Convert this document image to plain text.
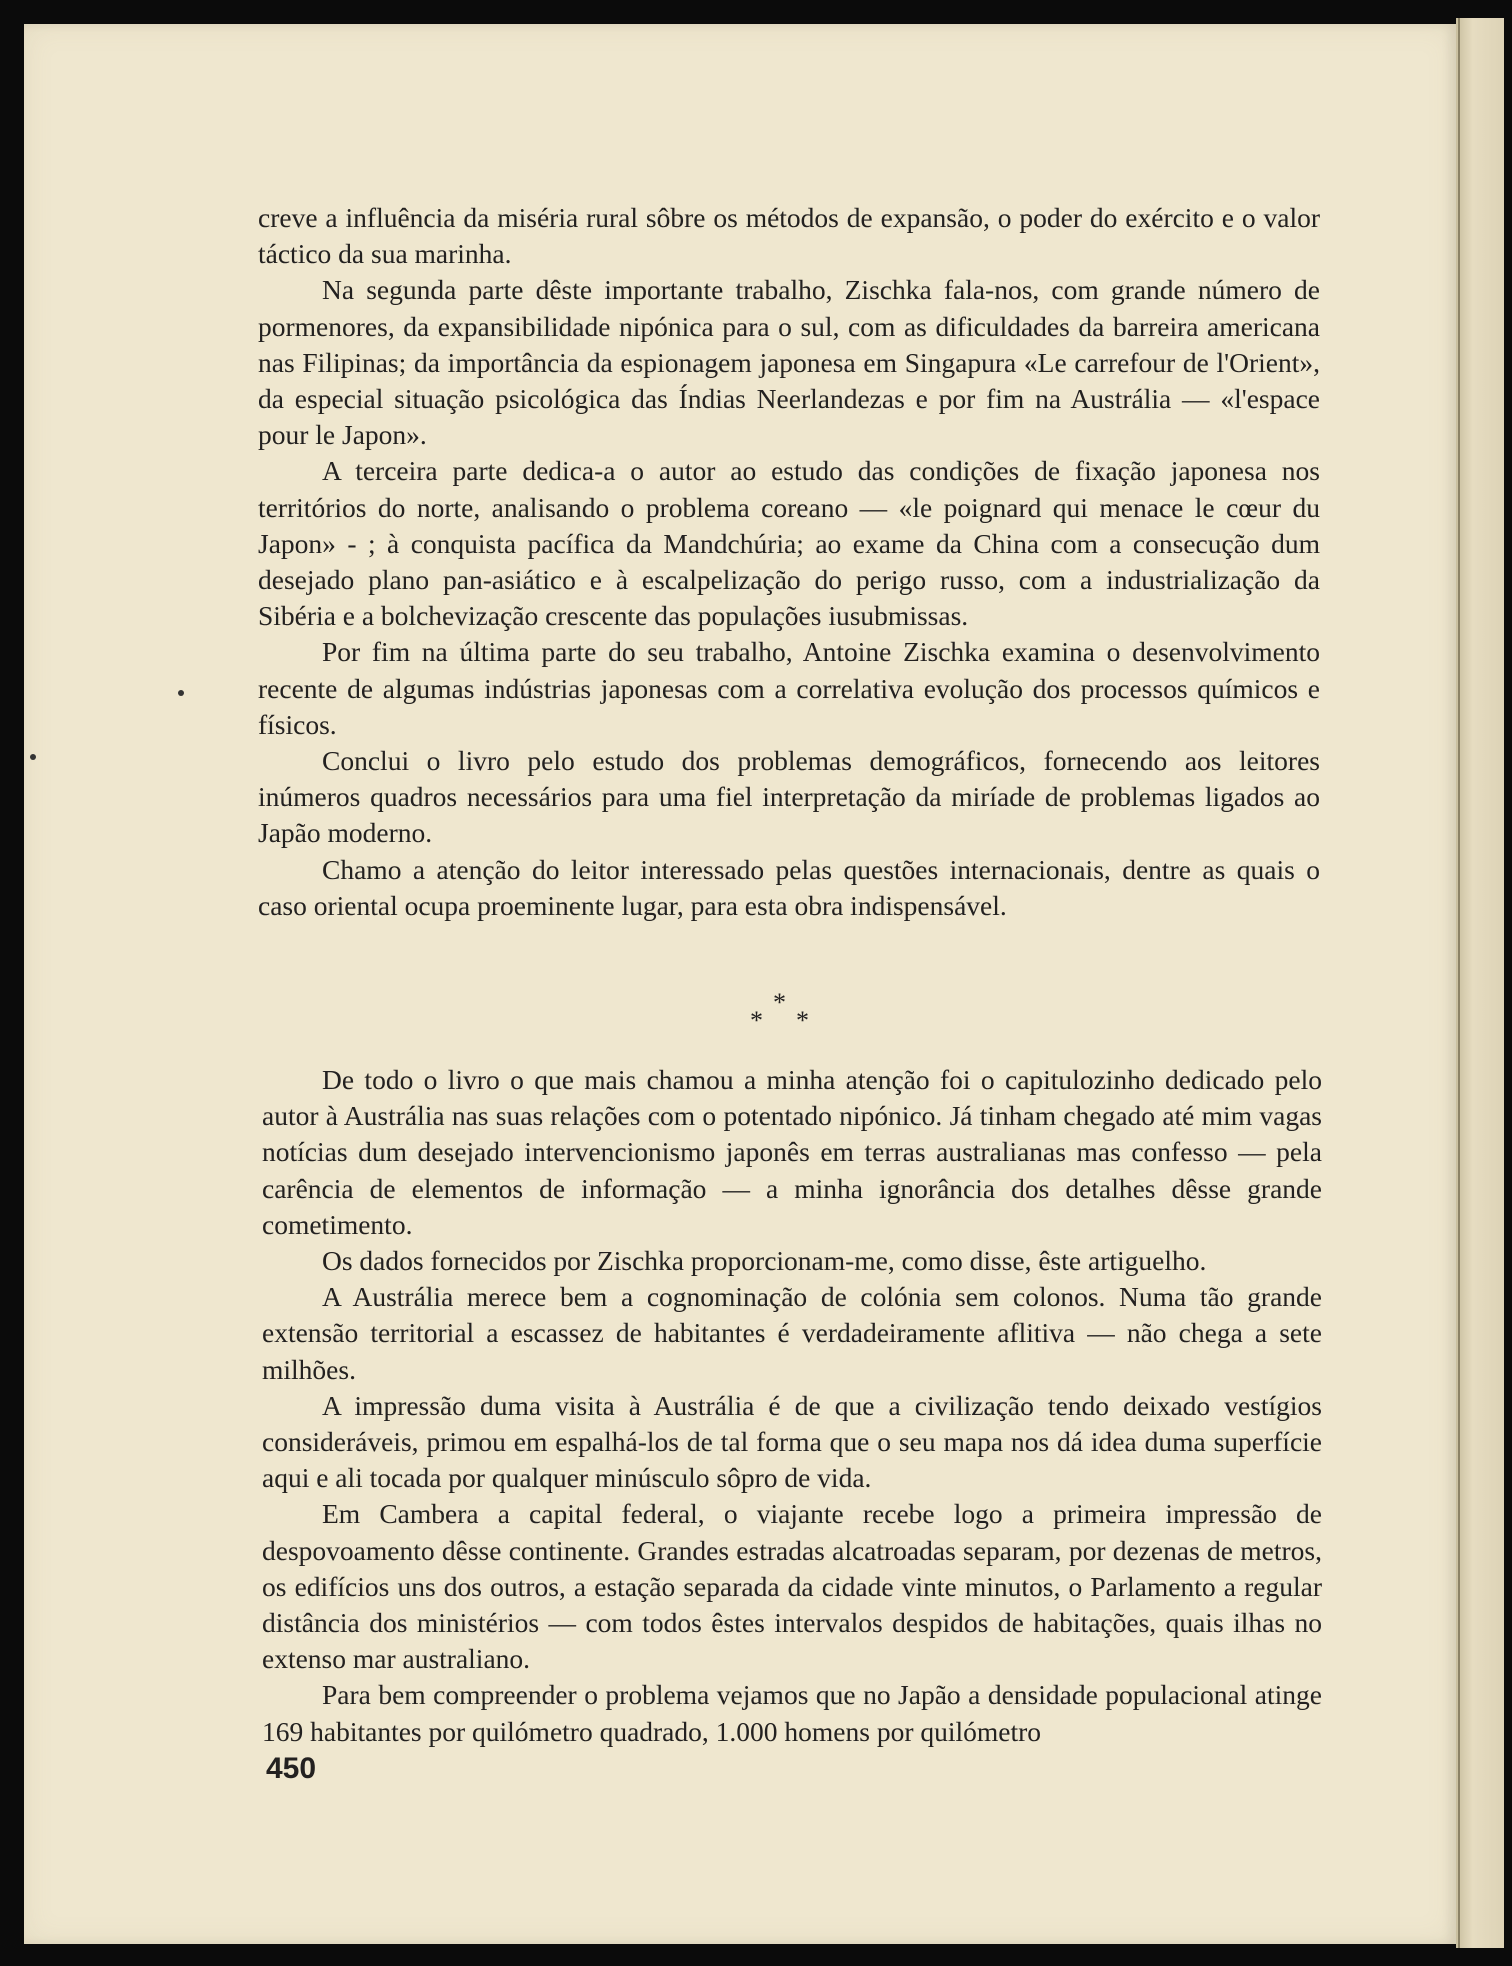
creve a influência da miséria rural sôbre os métodos de expansão, o poder do exército e o valor táctico da sua marinha.

Na segunda parte dêste importante trabalho, Zischka fala-nos, com grande número de pormenores, da expansibilidade nipónica para o sul, com as dificuldades da barreira americana nas Filipinas; da importância da espionagem japonesa em Singapura «Le carrefour de l'Orient», da especial situação psicológica das Índias Neerlandezas e por fim na Austrália — «l'espace pour le Japon».

A terceira parte dedica-a o autor ao estudo das condições de fixação japonesa nos territórios do norte, analisando o problema coreano — «le poignard qui menace le cœur du Japon» - ; à conquista pacífica da Mandchúria; ao exame da China com a consecução dum desejado plano pan-asiático e à escalpelização do perigo russo, com a industrialização da Sibéria e a bolchevização crescente das populações iusubmissas.

Por fim na última parte do seu trabalho, Antoine Zischka examina o desenvolvimento recente de algumas indústrias japonesas com a correlativa evolução dos processos químicos e físicos.

Conclui o livro pelo estudo dos problemas demográficos, fornecendo aos leitores inúmeros quadros necessários para uma fiel interpretação da miríade de problemas ligados ao Japão moderno.

Chamo a atenção do leitor interessado pelas questões internacionais, dentre as quais o caso oriental ocupa proeminente lugar, para esta obra indispensável.

*
* *

De todo o livro o que mais chamou a minha atenção foi o capitulozinho dedicado pelo autor à Austrália nas suas relações com o potentado nipónico. Já tinham chegado até mim vagas notícias dum desejado intervencionismo japonês em terras australianas mas confesso — pela carência de elementos de informação — a minha ignorância dos detalhes dêsse grande cometimento.

Os dados fornecidos por Zischka proporcionam-me, como disse, êste artiguelho.

A Austrália merece bem a cognominação de colónia sem colonos. Numa tão grande extensão territorial a escassez de habitantes é verdadeiramente aflitiva — não chega a sete milhões.

A impressão duma visita à Austrália é de que a civilização tendo deixado vestígios consideráveis, primou em espalhá-los de tal forma que o seu mapa nos dá idea duma superfície aqui e ali tocada por qualquer minúsculo sôpro de vida.

Em Cambera a capital federal, o viajante recebe logo a primeira impressão de despovoamento dêsse continente. Grandes estradas alcatroadas separam, por dezenas de metros, os edifícios uns dos outros, a estação separada da cidade vinte minutos, o Parlamento a regular distância dos ministérios — com todos êstes intervalos despidos de habitações, quais ilhas no extenso mar australiano.

Para bem compreender o problema vejamos que no Japão a densidade populacional atinge 169 habitantes por quilómetro quadrado, 1.000 homens por quilómetro

450
